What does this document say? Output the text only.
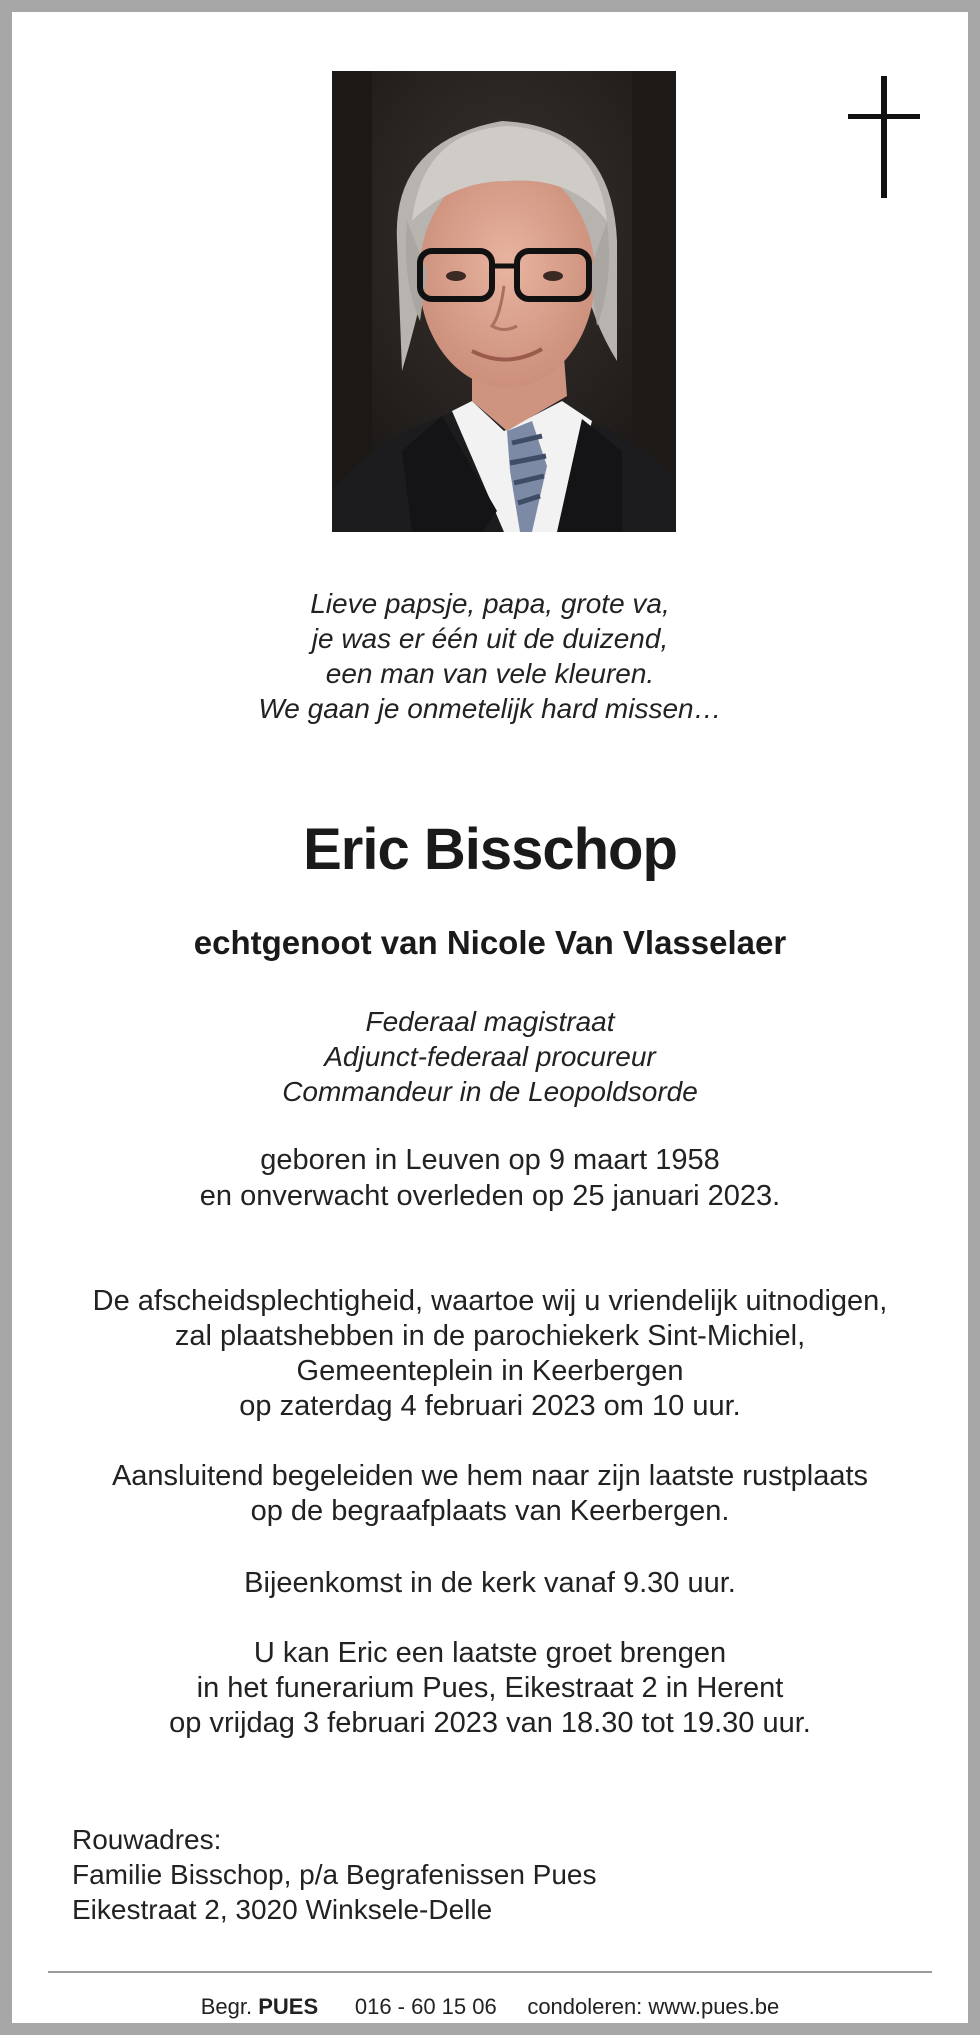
Lieve papsje, papa, grote va,
je was er één uit de duizend,
een man van vele kleuren.
We gaan je onmetelijk hard missen…
Eric Bisschop
echtgenoot van Nicole Van Vlasselaer
Federaal magistraat
Adjunct-federaal procureur
Commandeur in de Leopoldsorde
geboren in Leuven op 9 maart 1958
en onverwacht overleden op 25 januari 2023.
De afscheidsplechtigheid, waartoe wij u vriendelijk uitnodigen,
zal plaatshebben in de parochiekerk Sint-Michiel,
Gemeenteplein in Keerbergen
op zaterdag 4 februari 2023 om 10 uur.
Aansluitend begeleiden we hem naar zijn laatste rustplaats
op de begraafplaats van Keerbergen.
Bijeenkomst in de kerk vanaf 9.30 uur.
U kan Eric een laatste groet brengen
in het funerarium Pues, Eikestraat 2 in Herent
op vrijdag 3 februari 2023 van 18.30 tot 19.30 uur.
Rouwadres:
Familie Bisschop, p/a Begrafenissen Pues
Eikestraat 2, 3020 Winksele-Delle
Begr. PUES 016 - 60 15 06 condoleren: www.pues.be
